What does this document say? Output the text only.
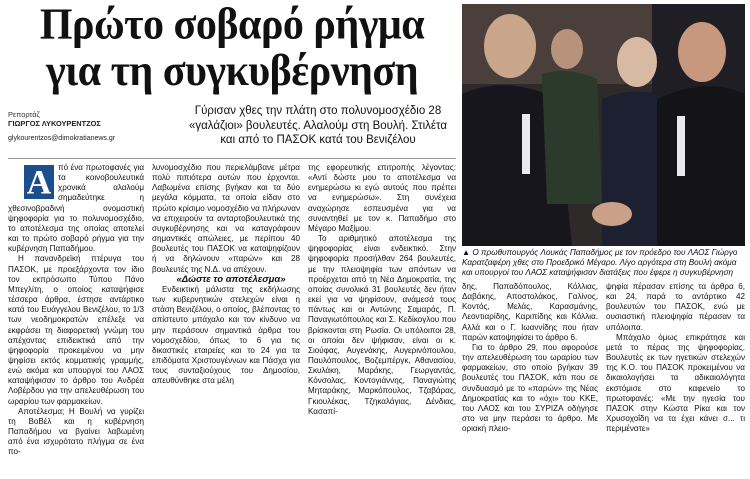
Πρώτο σοβαρό ρήγμα
για τη συγκυβέρνηση
▲ Ο πρωθυπουργός Λουκάς Παπαδήμος με τον πρόεδρο του ΛΑΟΣ Γιώργο Καρατζαφέρη χθες στο Προεδρικό Μέγαρο. Λίγο αργότερα στη Βουλή ακόμα και υπουργοί του ΛΑΟΣ καταψήφισαν διατάξεις που έφερε η συγκυβέρνηση
Ρεπορτάζ
ΓΙΩΡΓΟΣ ΛΥΚΟΥΡΕΝΤΖΟΣ
glykourentzos@dimokratianews.gr
Γύρισαν χθες την πλάτη στο πολυνομοσχέδιο 28 «γαλάζιοι» βουλευτές. Αλαλούμ στη Βουλή. Στιλέτα και από το ΠΑΣΟΚ κατά του Βενιζέλου
Α πό ένα πρωτοφανές για τα κοινοβουλευτικά χρονικά αλαλούμ σημαδεύτηκε η χθεσινοβραδινή ονομαστική ψηφοφορία για το πολυνομοσχέδιο, το αποτέλεσμα της οποίας αποτελεί και το πρώτο σοβαρό ρήγμα για την κυβέρνηση Παπαδήμου.

Η πανανδρεϊκή πτέρυγα του ΠΑΣΟΚ, με προεξάρχοντα τον ίδιο τον εκπρόσωπο Τύπου Πάνο Μπεγλίτη, ο οποίος καταψήφισε τέσσερα άρθρα, έστησε αντάρτικο κατά του Ευάγγελου Βενιζέλου, το 1/3 των νεοδημοκρατών επέλεξε να εκφράσει τη διαφορετική γνώμη του απέχοντας επιδεικτικά από την ψηφοφορία προκειμένου να μην ψηφίσει εκτός κομματικής γραμμής, ενώ ακόμα και υπουργοί του ΛΑΟΣ καταψήφισαν το άρθρο του Ανδρέα Λοβέρδου για την απελευθέρωση του ωραρίου των φαρμακείων.

Αποτέλεσμα; Η Βουλή να γυρίζει τη ΒοΒέλ και η κυβέρνηση Παπαδήμου να βγαίνει λαβωμένη από ένα ισχυρότατο πλήγμα σε ένα πο-

λυνομοσχέδιο που περιελάμβανε μέτρα πολύ πιπιότερα αυτών που έρχονται. Λαβωμένα επίσης βγήκαν και τα δύο μεγάλα κόμματα, τα οποία είδαν στο πρώτο κρίσιμο νομοσχέδιο να πλήρωναν να επιχειρούν τα ανταρτοβουλευτικά της συγκυβέρνησης και να καταγράφουν σημαντικές απώλειες, με περίπου 40 βουλευτές του ΠΑΣΟΚ να καταψηφίζουν ή να δηλώνουν «παρών» και 28 βουλευτές της Ν.Δ. να απέχουν.

«Δώστε το αποτέλεσμα»

Ενδεικτική μάλιστα της εκδήλωσης των κυβερνητικών στελεχών είναι η στάση Βενιζέλου, ο οποίος, βλέποντας το απίστευτο μπάχαλο και τον κίνδυνο να μην περάσουν σημαντικά άρθρα του νομοσχεδίου, όπως το 6 για τις δικαστικές εταιρείες και το 24 για τα επιδόματα Χριστουγέννων και Πάσχα για τους συνταξιούχους του Δημοσίου, απευθύνθηκε στα μέλη

της εφορευτικής επιτροπής λέγοντας: «Αντί δώστε μου το αποτέλεσμα να ενημερώσω κι εγώ αυτούς που πρέπει να ενημερώσω». Στη συνέχεια αναχώρησε εσπευσμένα για να συναντηθεί με τον κ. Παπαδήμο στο Μέγαρο Μαξίμου.

Το αριθμητικό αποτέλεσμα της ψηφοφορίας είναι ενδεικτικό. Στην ψηφοφορία προσήλθαν 264 βουλευτές, με την πλειοψηφία των απόντων να προέρχεται από τη Νέα Δημοκρατία, της οποίας συνολικά 31 βουλευτές δεν ήταν εκεί για να ψηφίσουν, ανάμεσά τους πάντως και οι Αντώνης Σαμαράς, Π. Παναγιωτόπουλος και Σ. Κεδίκογλου που βρίσκονται στη Ρωσία. Οι υπόλοιποι 28, οι οποίοι δεν ψήφισαν, είναι οι κ. Σιούφας, Αυγενάκης, Αυγερινόπουλου, Παυλόπουλος, Βοζεμπέργκ, Αθανασίου, Σκυλάκη, Μαράκης, Γεωργαντάς, Κόνσολας, Κοντογιάννης, Παναγιώτης Μηταράκης, Μαρκόπουλος, Τζαβάρας, Γκιουλέκας, Τζηκαλάγιας, Δένδιας, Κασαπί-

δης, Παπαδόπουλος, Κόλλιας, Δαβάκης, Αποστολάκος, Γαλίνος, Κοντός, Μελάς, Καρασμάνης, Λεοντιαρίδης, Καριπίδης και Κόλλια. Αλλά και ο Γ. Ιωαννίδης που ήταν παρών κατοψηφίσει το άρθρο 6.

Για το άρθρο 29, που αφορούσε την απελευθέρωση του ωραρίου των φαρμακείων, στο οποίο βγήκαν 39 βουλευτές του ΠΑΣΟΚ, κάτι που σε συνδυασμό με το «παρών» της Νέας Δημοκρατίας και το «όχι» του ΚΚΕ, του ΛΑΟΣ και του ΣΥΡΙΖΑ οδήγησε στο να μην περάσει το άρθρο. Με οριακή πλειο-

ψηφία πέρασαν επίσης τα άρθρα 6, και 24, παρά το αντάρτικο 42 βουλευτών του ΠΑΣΟΚ, ενώ με ουσιαστική πλειοψηφία πέρασαν τα υπόλοιπα.

Μπάχαλο όμως επικράτησε και μετά το πέρας της ψηφοφορίας. Βουλευτές εκ των ηγετικών στελεχών της Κ.Ο. του ΠΑΣΟΚ προκειμένου να δικαιολογήσει τα αδικαιολόγητα εκστόμισε στο καφενείο το πρωτοφανές: «Με την ηγεσία του ΠΑΣΟΚ στην Κώστα Ρίκα και τον Χρυσοχοΐδη να τα έχει κάνει σ... τι περιμένατε»
